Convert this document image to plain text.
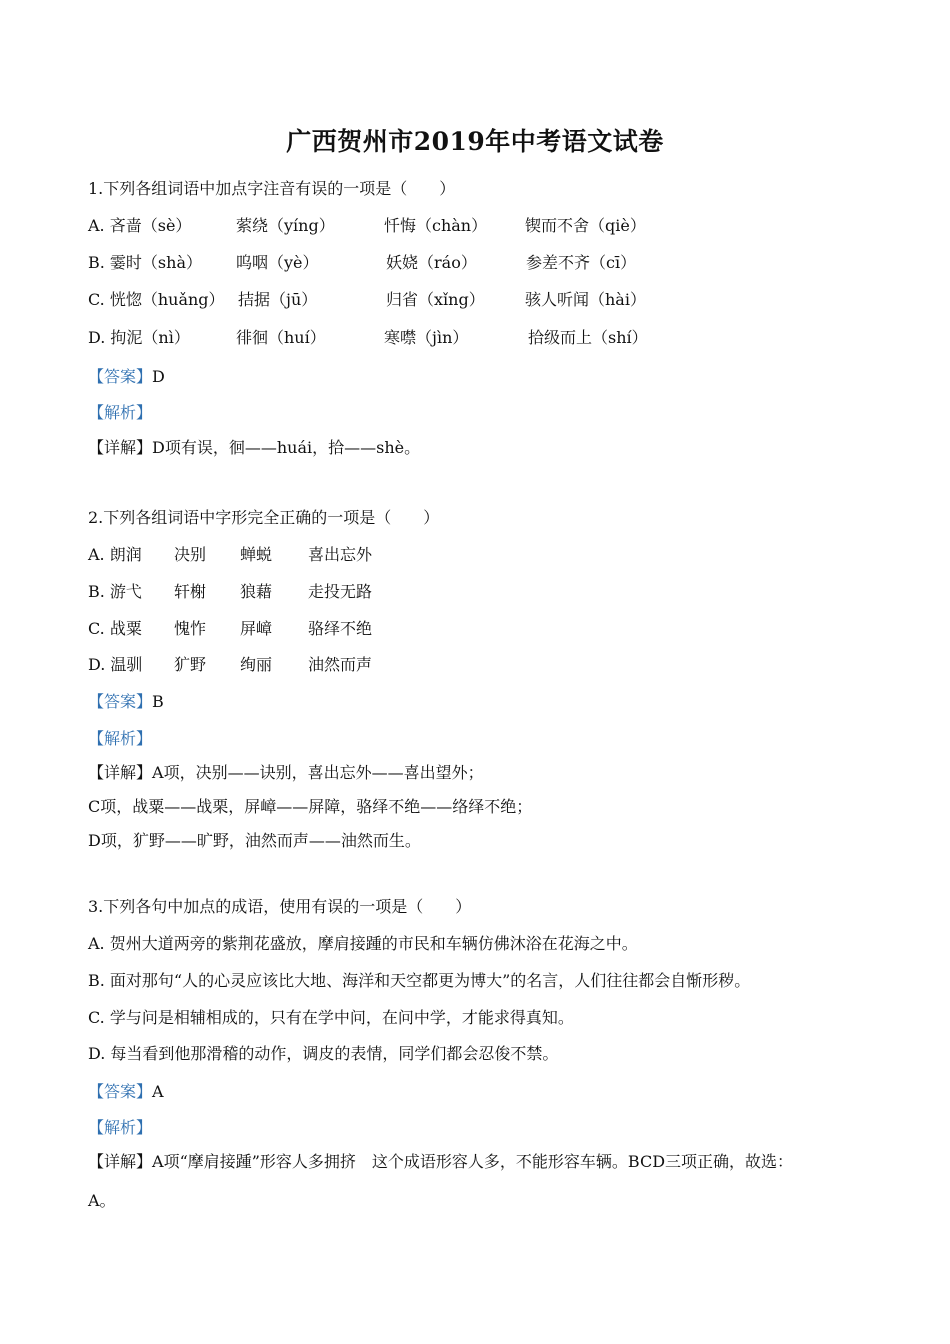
广西贺州市2019年中考语文试卷
1.下列各组词语中加点字注音有误的一项是（　　）
A. 吝啬（sè）	萦绕（yíng）	忏悔（chàn） 锲而不舍（qiè）
B. 霎时（shà） 呜咽（yè）	妖娆（ráo）	参差不齐（cī）
C. 恍惚（huǎng） 拮据（jū）	归省（xǐng）	骇人听闻（hài）
D. 拘泥（nì）	徘徊（huí）	寒噤（jìn）	拾级而上（shí）
【答案】D
【解析】
【详解】D项有误，徊——huái，拾——shè。
2.下列各组词语中字形完全正确的一项是（　　）
A. 朗润 决别 蝉蜕 喜出忘外
B. 游弋 轩榭 狼藉 走投无路
C. 战粟 愧怍 屏嶂 骆绎不绝
D. 温驯 犷野 绚丽 油然而声
【答案】B
【解析】
【详解】A项，决别——诀别，喜出忘外——喜出望外；
C项，战粟——战栗，屏嶂——屏障，骆绎不绝——络绎不绝；
D项，犷野——旷野，油然而声——油然而生。
3.下列各句中加点的成语，使用有误的一项是（　　）
A. 贺州大道两旁的紫荆花盛放，摩肩接踵的市民和车辆仿佛沐浴在花海之中。
B. 面对那句“人的心灵应该比大地、海洋和天空都更为博大”的名言，人们往往都会自惭形秽。
C. 学与问是相辅相成的，只有在学中问，在问中学，才能求得真知。
D. 每当看到他那滑稽的动作，调皮的表情，同学们都会忍俊不禁。
【答案】A
【解析】
【详解】A项“摩肩接踵”形容人多拥挤　这个成语形容人多，不能形容车辆。BCD三项正确，故选：
A。
